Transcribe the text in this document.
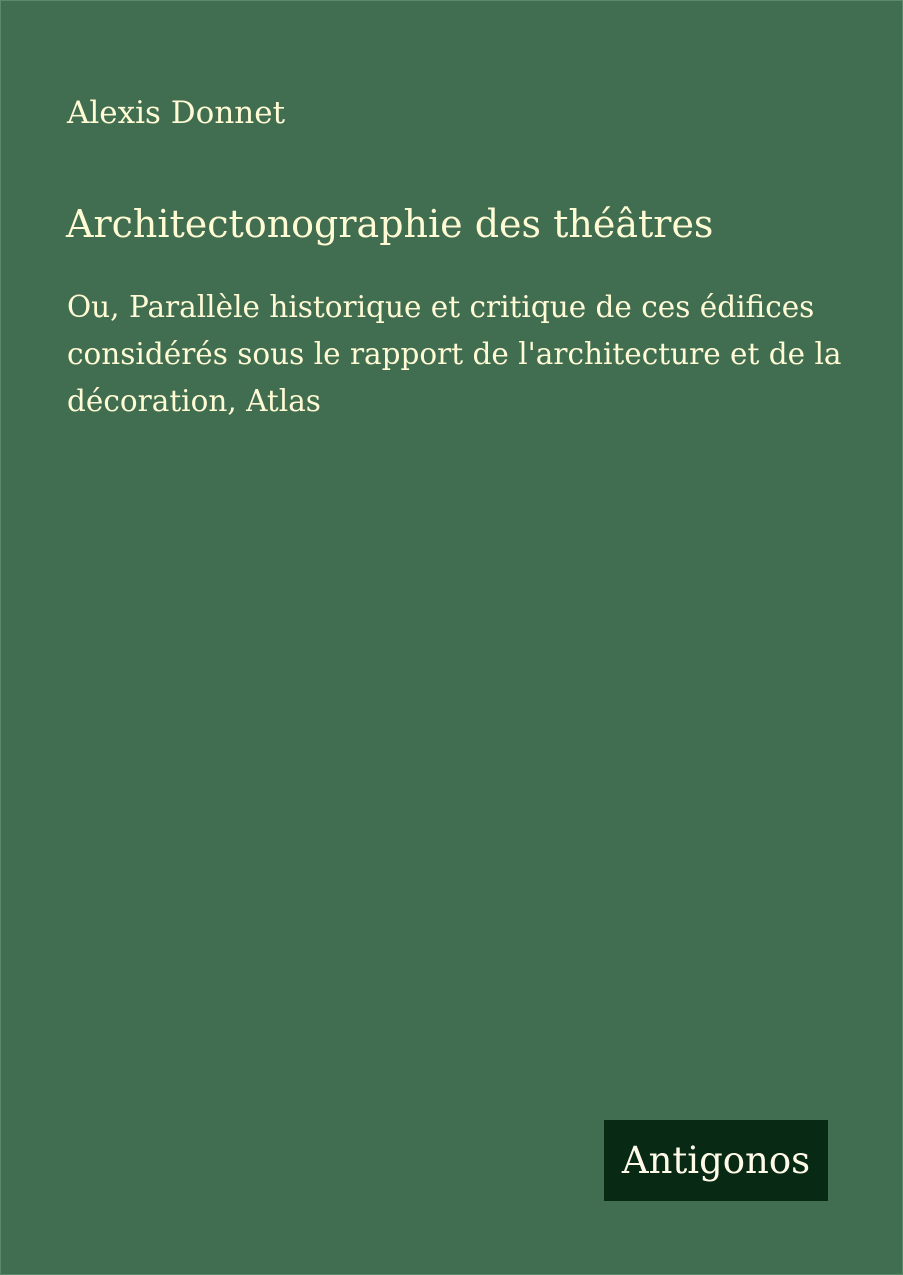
Alexis Donnet
Architectonographie des théâtres

Ou, Parallèle historique et critique de ces édifices considérés sous le rapport de l'architecture et de la décoration, Atlas

Antigonos
